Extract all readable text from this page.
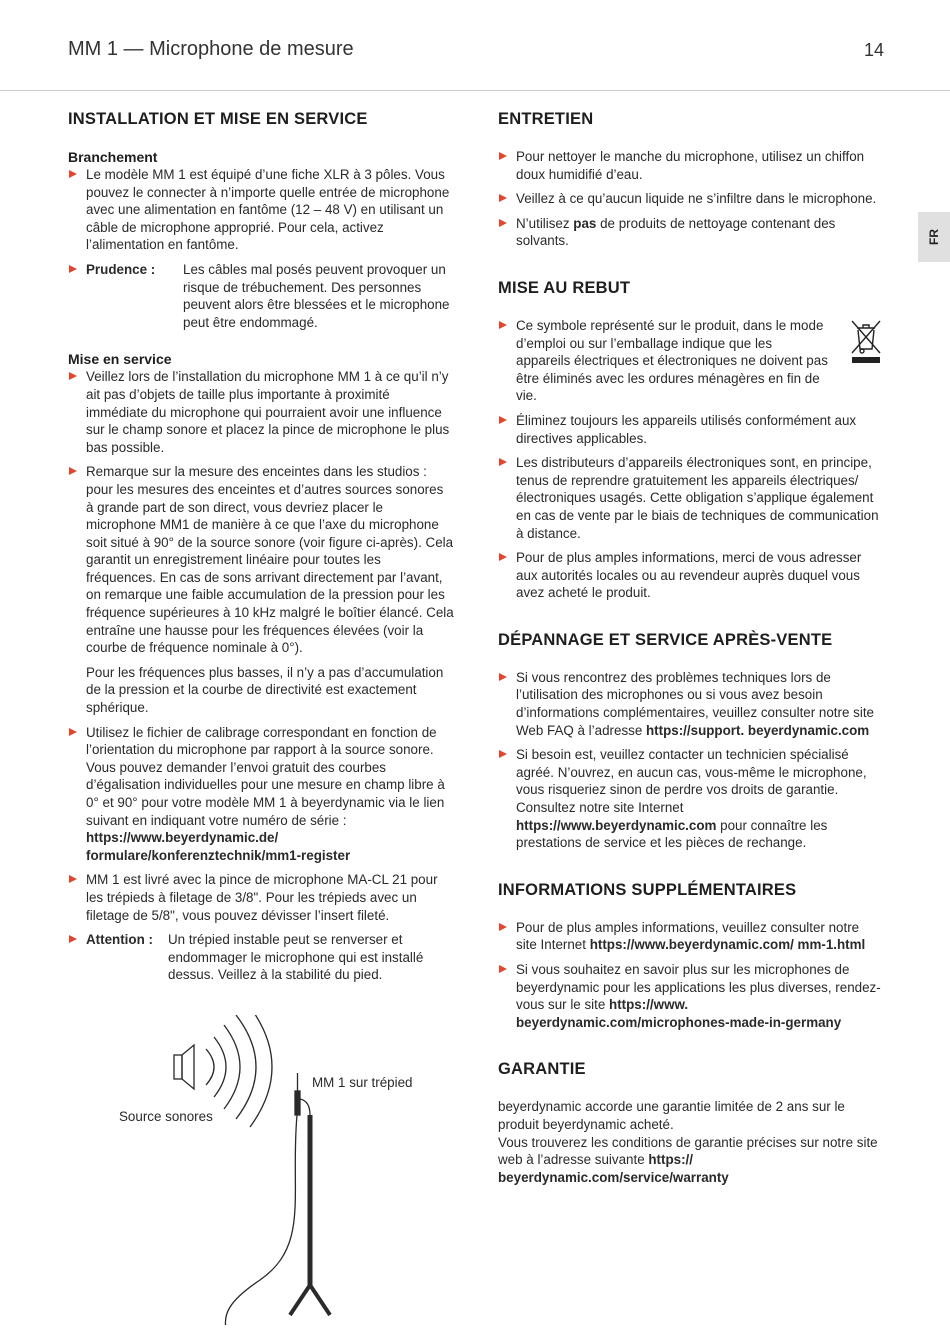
MM 1 — Microphone de mesure	14
FR
INSTALLATION ET MISE EN SERVICE
Branchement
Le modèle MM 1 est équipé d’une fiche XLR à 3 pôles. Vous pouvez le connecter à n’importe quelle entrée de microphone avec une alimentation en fantôme (12 – 48 V) en utilisant un câble de microphone approprié. Pour cela, activez l’alimentation en fantôme.
Prudence :	Les câbles mal posés peuvent provoquer un risque de trébuchement. Des personnes peuvent alors être blessées et le microphone peut être endommagé.
Mise en service
Veillez lors de l’installation du microphone MM 1 à ce qu’il n’y ait pas d’objets de taille plus importante à proximité immédiate du microphone qui pourraient avoir une influence sur le champ sonore et placez la pince de microphone le plus bas possible.
Remarque sur la mesure des enceintes dans les studios : pour les mesures des enceintes et d’autres sources sonores à grande part de son direct, vous devriez placer le microphone MM1 de manière à ce que l’axe du microphone soit situé à 90° de la source sonore (voir figure ci-après). Cela garantit un enregistrement linéaire pour toutes les fréquences. En cas de sons arrivant directement par l’avant, on remarque une faible accumulation de la pression pour les fréquence supérieures à 10 kHz malgré le boîtier élancé. Cela entraîne une hausse pour les fréquences élevées (voir la courbe de fréquence nominale à 0°).
Pour les fréquences plus basses, il n’y a pas d’accumulation de la pression et la courbe de directivité est exactement sphérique.
Utilisez le fichier de calibrage correspondant en fonction de l’orientation du microphone par rapport à la source sonore. Vous pouvez demander l’envoi gratuit des courbes d’égalisation individuelles pour une mesure en champ libre à 0° et 90° pour votre modèle MM 1 à beyerdynamic via le lien suivant en indiquant votre numéro de série : https://www.beyerdynamic.de/ formulare/konferenztechnik/mm1-register
MM 1 est livré avec la pince de microphone MA-CL 21 pour les trépieds à filetage de 3/8". Pour les trépieds avec un filetage de 5/8", vous pouvez dévisser l’insert fileté.
Attention :	Un trépied instable peut se renverser et endommager le microphone qui est installé dessus. Veillez à la stabilité du pied.
MM 1 sur trépied
Source sonores
ENTRETIEN
Pour nettoyer le manche du microphone, utilisez un chiffon doux humidifié d’eau.
Veillez à ce qu’aucun liquide ne s’infiltre dans le microphone.
N’utilisez pas de produits de nettoyage contenant des solvants.
MISE AU REBUT
Ce symbole représenté sur le produit, dans le mode d’emploi ou sur l’emballage indique que les appareils électriques et électroniques ne doivent pas être éliminés avec les ordures ménagères en fin de vie.
Éliminez toujours les appareils utilisés conformément aux directives applicables.
Les distributeurs d’appareils électroniques sont, en principe, tenus de reprendre gratuitement les appareils électriques/électroniques usagés. Cette obligation s’applique également en cas de vente par le biais de techniques de communication à distance.
Pour de plus amples informations, merci de vous adresser aux autorités locales ou au revendeur auprès duquel vous avez acheté le produit.
DÉPANNAGE ET SERVICE APRÈS-VENTE
Si vous rencontrez des problèmes techniques lors de l’utilisation des microphones ou si vous avez besoin d’informations complémentaires, veuillez consulter notre site Web FAQ à l’adresse https://support. beyerdynamic.com
Si besoin est, veuillez contacter un technicien spécialisé agréé. N’ouvrez, en aucun cas, vous-même le microphone, vous risqueriez sinon de perdre vos droits de garantie. Consultez notre site Internet https://www.beyerdynamic.com pour connaître les prestations de service et les pièces de rechange.
INFORMATIONS SUPPLÉMENTAIRES
Pour de plus amples informations, veuillez consulter notre site Internet https://www.beyerdynamic.com/ mm-1.html
Si vous souhaitez en savoir plus sur les microphones de beyerdynamic pour les applications les plus diverses, rendez-vous sur le site https://www. beyerdynamic.com/microphones-made-in-germany
GARANTIE
beyerdynamic accorde une garantie limitée de 2 ans sur le produit beyerdynamic acheté.
Vous trouverez les conditions de garantie précises sur notre site web à l’adresse suivante https:// beyerdynamic.com/service/warranty
